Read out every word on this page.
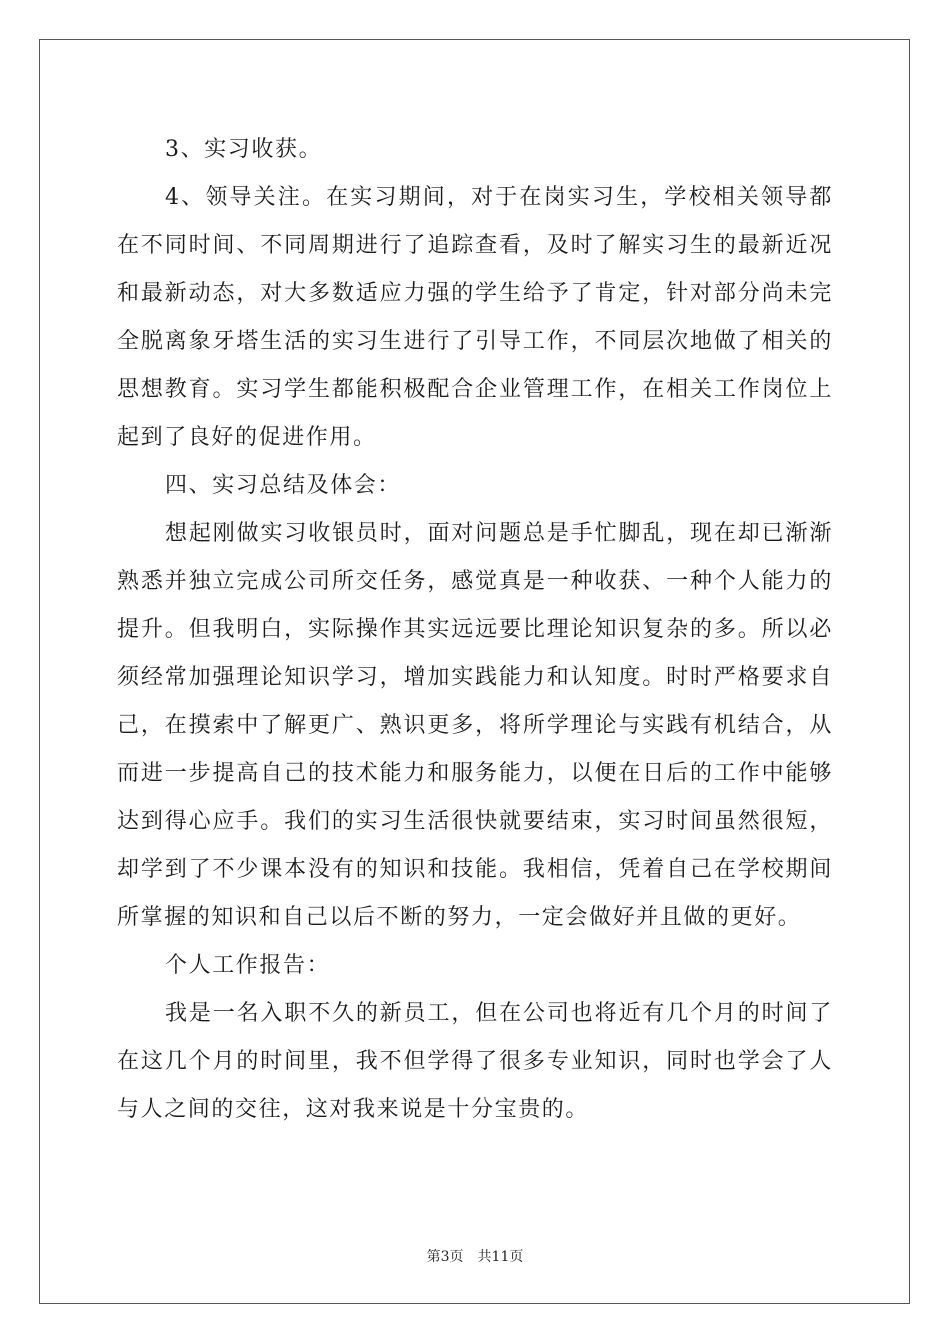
3、实习收获。

4、领导关注。在实习期间，对于在岗实习生，学校相关领导都在不同时间、不同周期进行了追踪查看，及时了解实习生的最新近况和最新动态，对大多数适应力强的学生给予了肯定，针对部分尚未完全脱离象牙塔生活的实习生进行了引导工作，不同层次地做了相关的思想教育。实习学生都能积极配合企业管理工作，在相关工作岗位上起到了良好的促进作用。

四、实习总结及体会：

想起刚做实习收银员时，面对问题总是手忙脚乱，现在却已渐渐熟悉并独立完成公司所交任务，感觉真是一种收获、一种个人能力的提升。但我明白，实际操作其实远远要比理论知识复杂的多。所以必须经常加强理论知识学习，增加实践能力和认知度。时时严格要求自己，在摸索中了解更广、熟识更多，将所学理论与实践有机结合，从而进一步提高自己的技术能力和服务能力，以便在日后的工作中能够达到得心应手。我们的实习生活很快就要结束，实习时间虽然很短，却学到了不少课本没有的知识和技能。我相信，凭着自己在学校期间所掌握的知识和自己以后不断的努力，一定会做好并且做的更好。

个人工作报告：

我是一名入职不久的新员工，但在公司也将近有几个月的时间了在这几个月的时间里，我不但学得了很多专业知识，同时也学会了人与人之间的交往，这对我来说是十分宝贵的。

第3页 共11页
